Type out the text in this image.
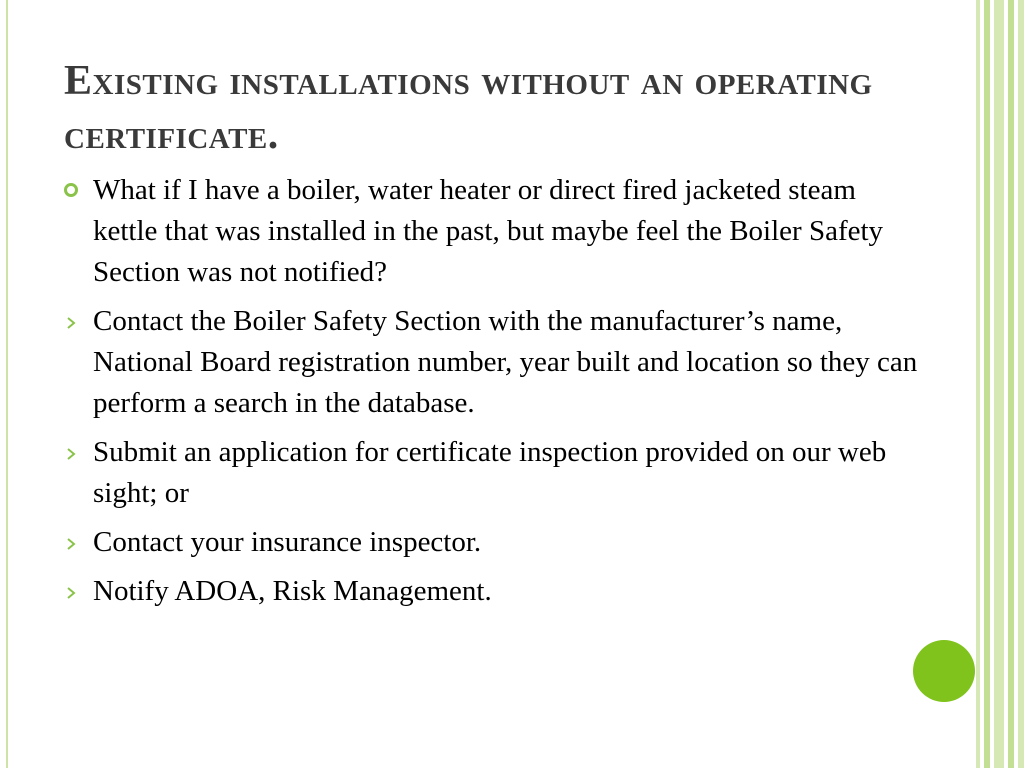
Existing installations without an operating certificate.
What if I have a boiler, water heater or direct fired jacketed steam kettle that was installed in the past, but maybe feel the Boiler Safety Section was not notified?
Contact the Boiler Safety Section with the manufacturer’s name, National Board registration number, year built and location so they can perform a search in the database.
Submit an application for certificate inspection provided on our web sight; or
Contact your insurance inspector.
Notify ADOA, Risk Management.
